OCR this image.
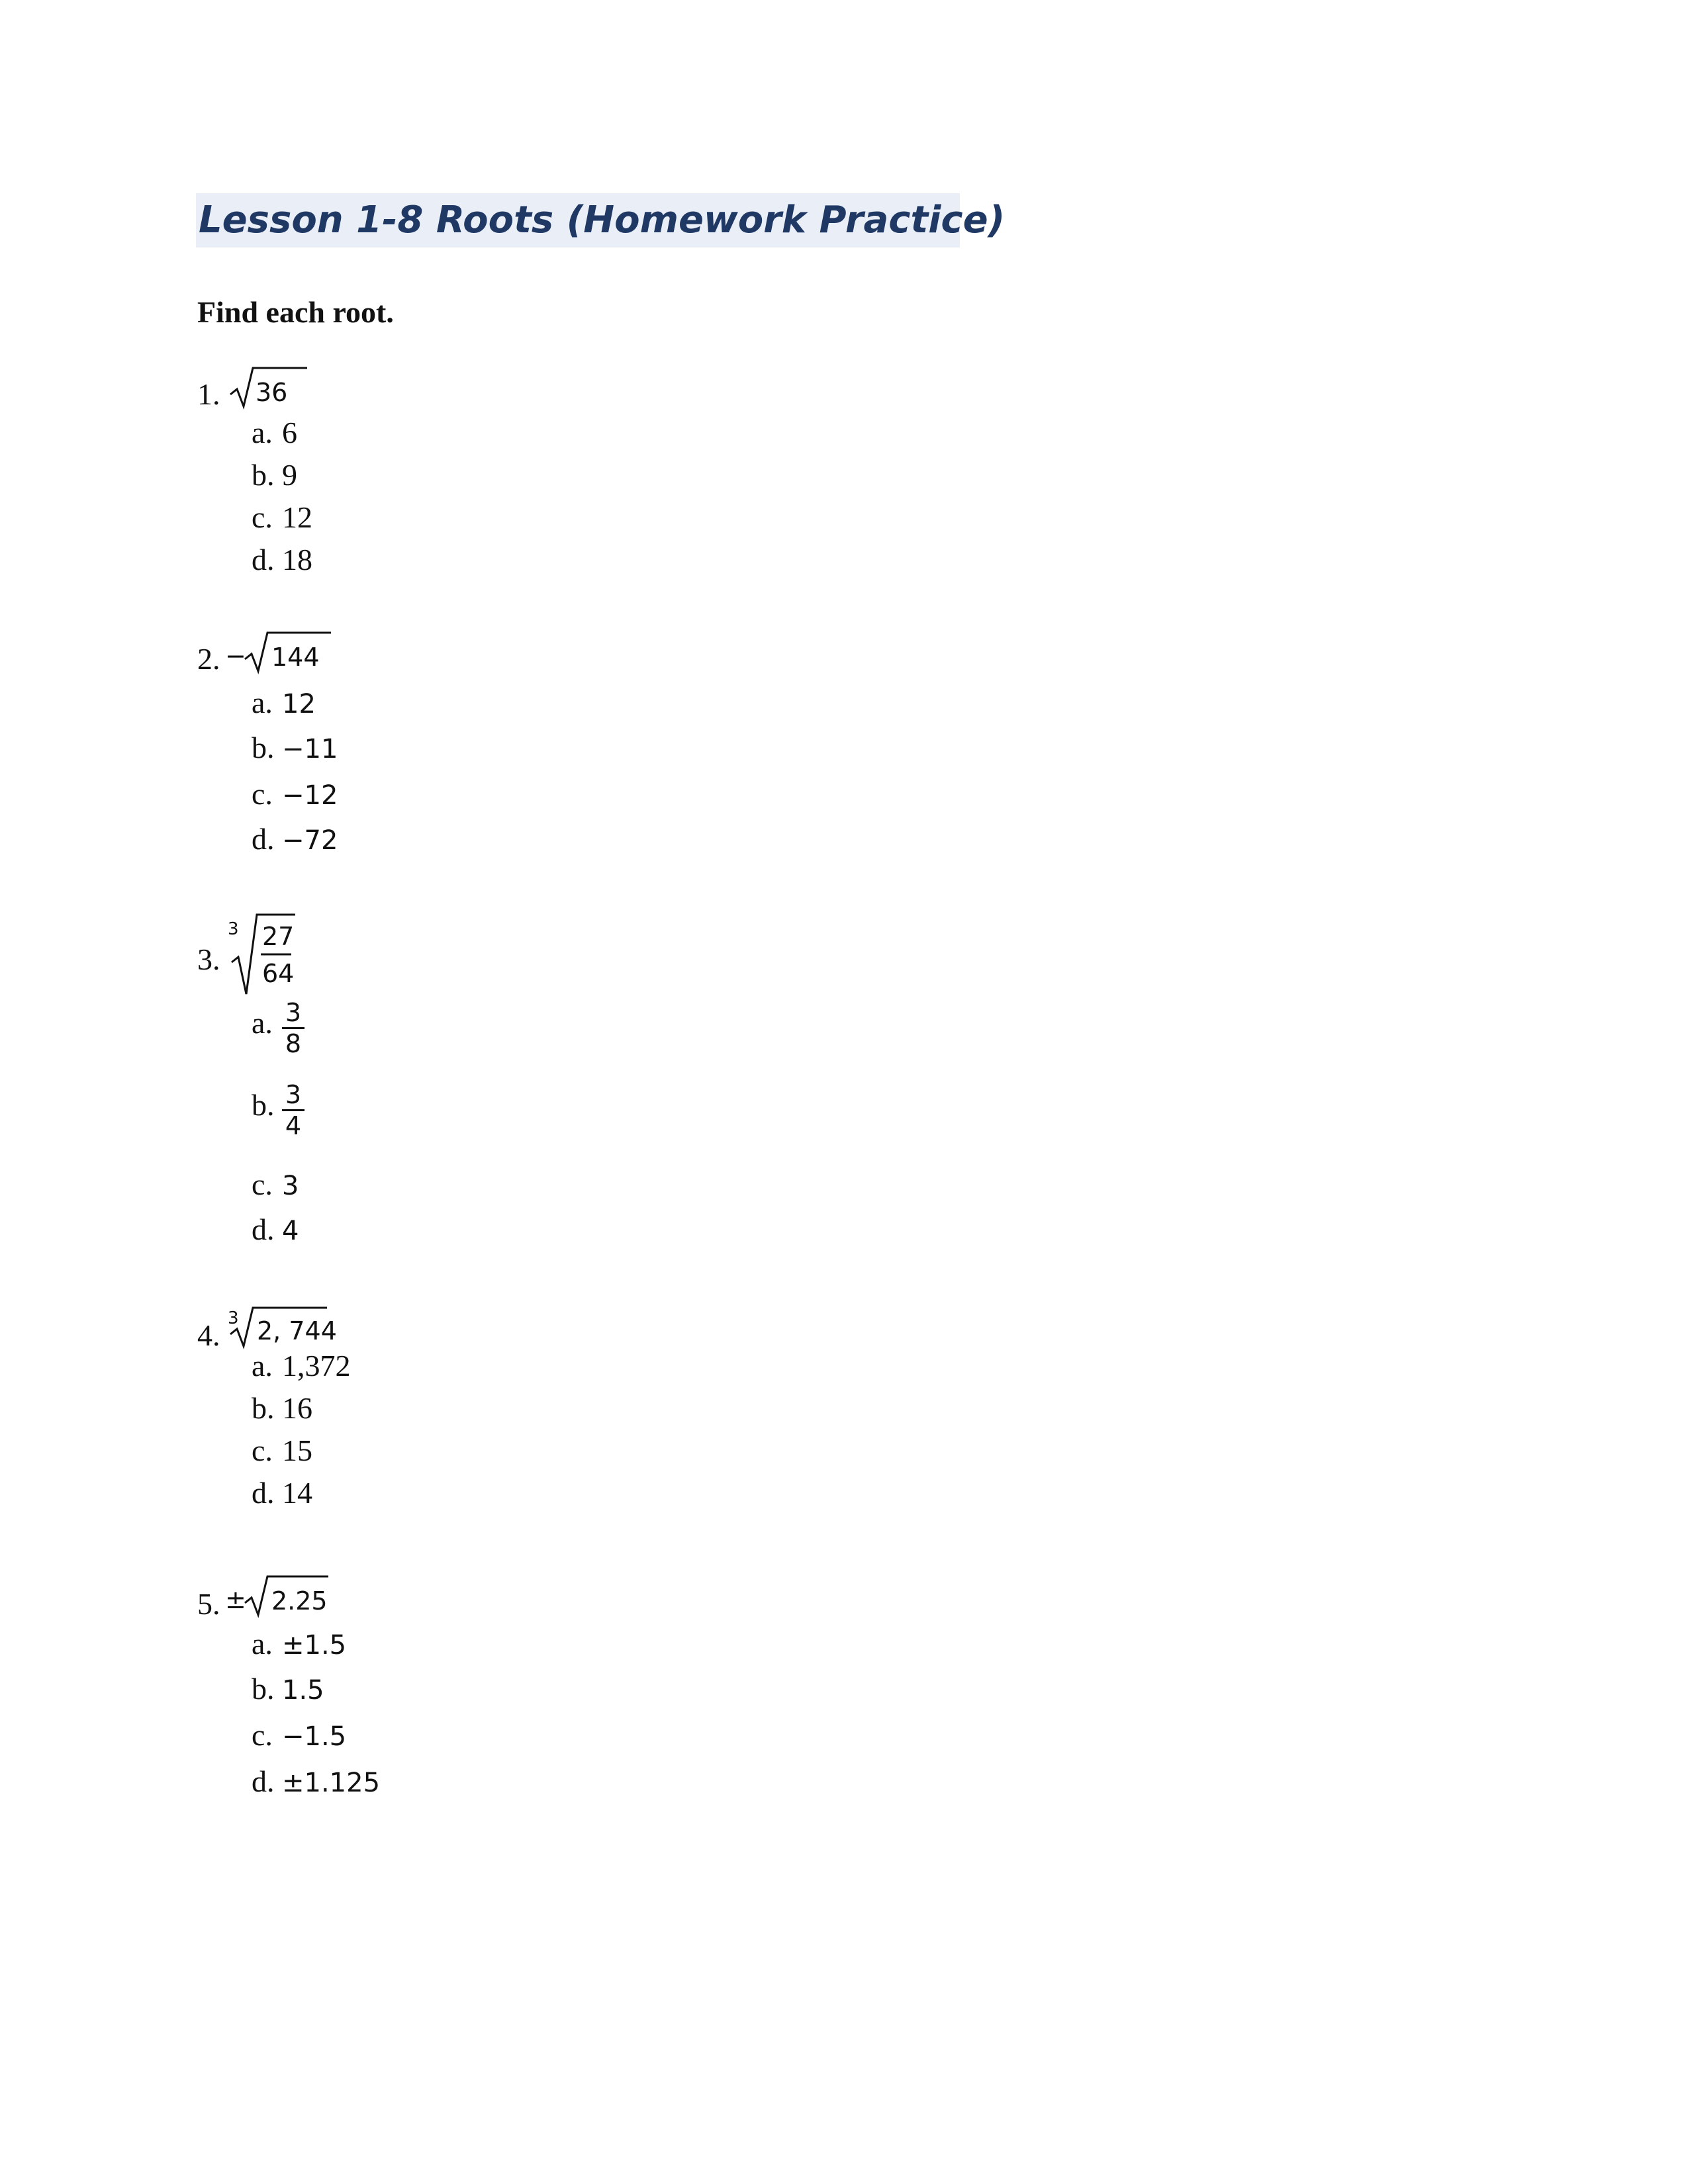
Lesson 1-8 Roots (Homework Practice)
Find each root.
1. 36
a. 6
b. 9
c. 12
d. 18
2. − 144
a. 12
b. −11
c. −12
d. −72
3.
3 27
64
a. $\frac{3}{8}$
b. $\frac{3}{4}$
c. 3
d. 4
4. 3 2, 744
a. 1,372
b. 16
c. 15
d. 14
5. ± 2.25
a. ±1.5
b. 1.5
c. −1.5
d. ±1.125
